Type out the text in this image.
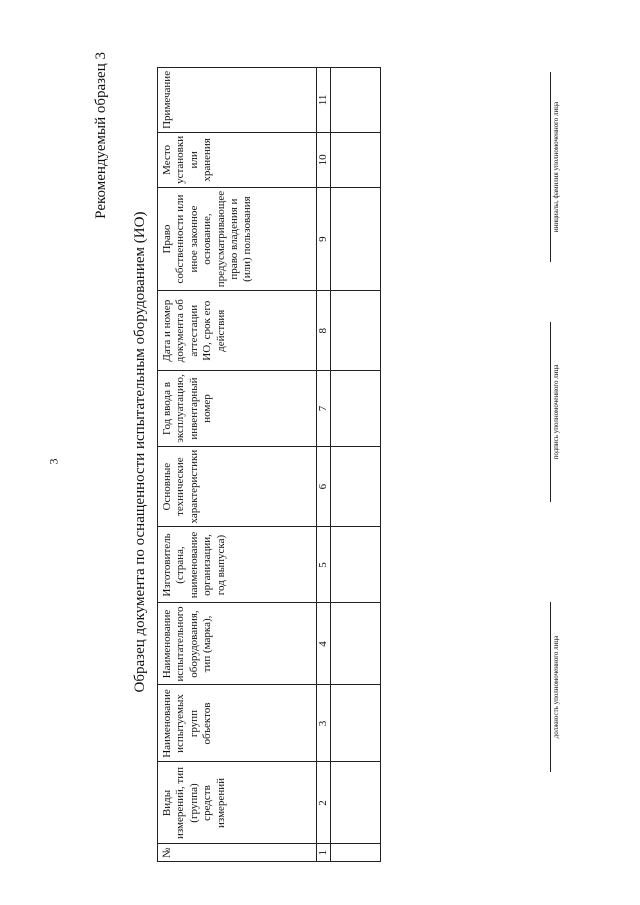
3
Рекомендуемый образец 3
Образец документа по оснащенности испытательным оборудованием (ИО)
№	Виды измерений, тип (группа) средств измерений	Наименование испытуемых групп объектов	Наименование испытательного оборудования, тип (марка),	Изготовитель (страна, наименование организации, год выпуска)	Основные технические характеристики	Год ввода в эксплуатацию, инвентарный номер	Дата и номер документа об аттестации ИО, срок его действия	Право собственности или иное законное основание, предусматривающее право владения и (или) пользования	Место установки или хранения	Примечание
1	2	3	4	5	6	7	8	9	10	11

должность уполномоченного лица
подпись уполномоченного лица
инициалы, фамилия уполномоченного лица
